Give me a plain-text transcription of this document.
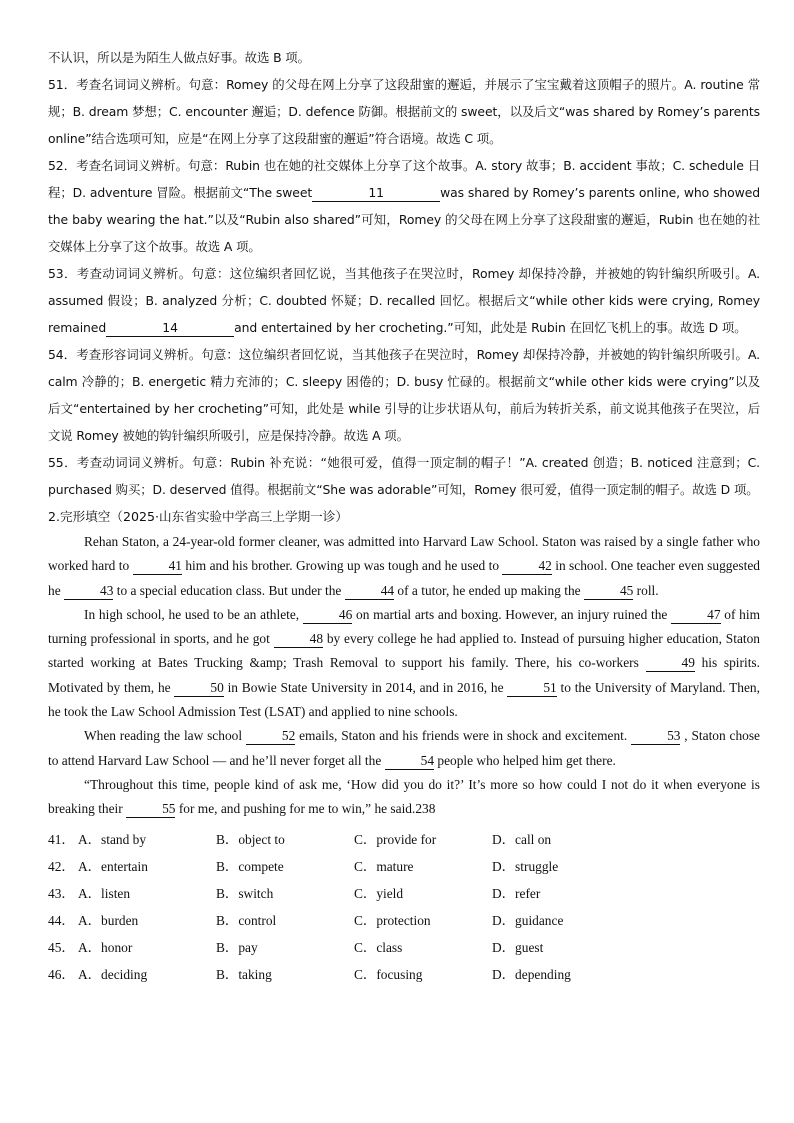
不认识，所以是为陌生人做点好事。故选 B 项。

51．考查名词词义辨析。句意：Romey 的父母在网上分享了这段甜蜜的邂逅，并展示了宝宝戴着这顶帽子的照片。A. routine 常规；B. dream 梦想；C. encounter 邂逅；D. defence 防御。根据前文的 sweet，以及后文“was shared by Romey’s parents online”结合选项可知，应是“在网上分享了这段甜蜜的邂逅”符合语境。故选 C 项。

52．考查名词词义辨析。句意：Rubin 也在她的社交媒体上分享了这个故事。A. story 故事；B. accident 事故；C. schedule 日程；D. adventure 冒险。根据前文“The sweet	11	was shared by Romey’s parents online, who showed the baby wearing the hat.”以及“Rubin also shared”可知，Romey 的父母在网上分享了这段甜蜜的邂逅，Rubin 也在她的社交媒体上分享了这个故事。故选 A 项。

53．考查动词词义辨析。句意：这位编织者回忆说，当其他孩子在哭泣时，Romey 却保持冷静，并被她的钩针编织所吸引。A. assumed 假设；B. analyzed 分析；C. doubted 怀疑；D. recalled 回忆。根据后文“while other kids were crying, Romey remained	14	and entertained by her crocheting.”可知，此处是 Rubin 在回忆飞机上的事。故选 D 项。

54．考查形容词词义辨析。句意：这位编织者回忆说，当其他孩子在哭泣时，Romey 却保持冷静，并被她的钩针编织所吸引。A. calm 冷静的；B. energetic 精力充沛的；C. sleepy 困倦的；D. busy 忙碌的。根据前文“while other kids were crying”以及后文“entertained by her crocheting”可知，此处是 while 引导的让步状语从句，前后为转折关系，前文说其他孩子在哭泣，后文说 Romey 被她的钩针编织所吸引，应是保持冷静。故选 A 项。

55．考查动词词义辨析。句意：Rubin 补充说：“她很可爱，值得一顶定制的帽子！”A. created 创造；B. noticed 注意到；C. purchased 购买；D. deserved 值得。根据前文“She was adorable”可知，Romey 很可爱，值得一顶定制的帽子。故选 D 项。

2.完形填空（2025·山东省实验中学高三上学期一诊）

Rehan Staton, a 24-year-old former cleaner, was admitted into Harvard Law School. Staton was raised by a single father who worked hard to	41 him and his brother. Growing up was tough and he used to	42 in school. One teacher even suggested he	43 to a special education class. But under the	44 of a tutor, he ended up making the	45 roll.

In high school, he used to be an athlete,	46 on martial arts and boxing. However, an injury ruined the	47 of him turning professional in sports, and he got	48 by every college he had applied to. Instead of pursuing higher education, Staton started working at Bates Trucking &amp; Trash Removal to support his family. There, his co-workers	49 his spirits. Motivated by them, he	50 in Bowie State University in 2014, and in 2016, he	51 to the University of Maryland. Then, he took the Law School Admission Test (LSAT) and applied to nine schools.

When reading the law school	52 emails, Staton and his friends were in shock and excitement.	53 , Staton chose to attend Harvard Law School — and he’ll never forget all the	54 people who helped him get there.

“Throughout this time, people kind of ask me, ‘How did you do it?’ It’s more so how could I not do it when everyone is breaking their	55 for me, and pushing for me to win,” he said.238

41． A．stand by	B．object to	C．provide for	D．call on
42． A．entertain	B．compete	C．mature	D．struggle
43． A．listen	B．switch	C．yield	D．refer
44． A．burden	B．control	C．protection	D．guidance
45． A．honor	B．pay	C．class	D．guest
46． A．deciding	B．taking	C．focusing	D．depending
